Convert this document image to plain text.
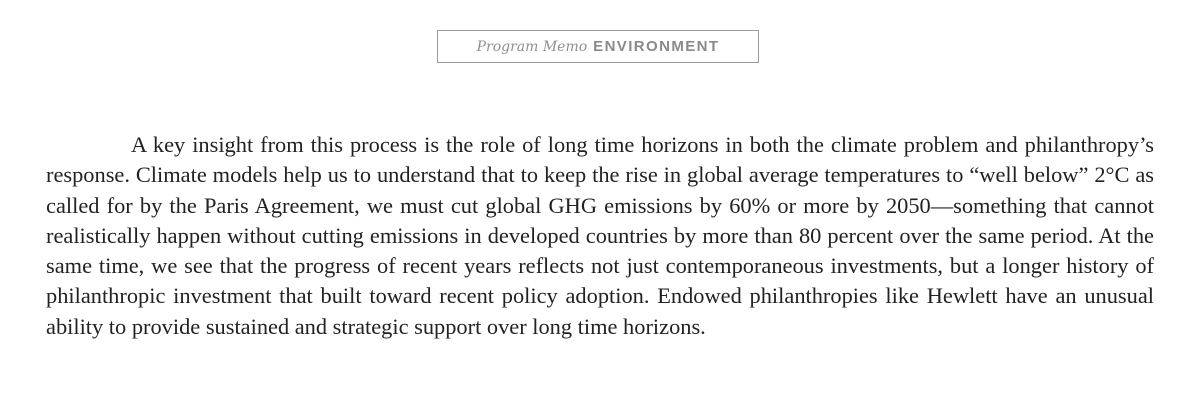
Program Memo ENVIRONMENT

A key insight from this process is the role of long time horizons in both the climate problem and philanthropy’s response. Climate models help us to understand that to keep the rise in global average temperatures to “well below” 2°C as called for by the Paris Agreement, we must cut global GHG emissions by 60% or more by 2050—something that cannot realistically happen without cutting emissions in developed countries by more than 80 percent over the same period. At the same time, we see that the progress of recent years reflects not just contemporaneous investments, but a longer history of philanthropic investment that built toward recent policy adoption. Endowed philanthropies like Hewlett have an unusual ability to provide sustained and strategic support over long time horizons.
